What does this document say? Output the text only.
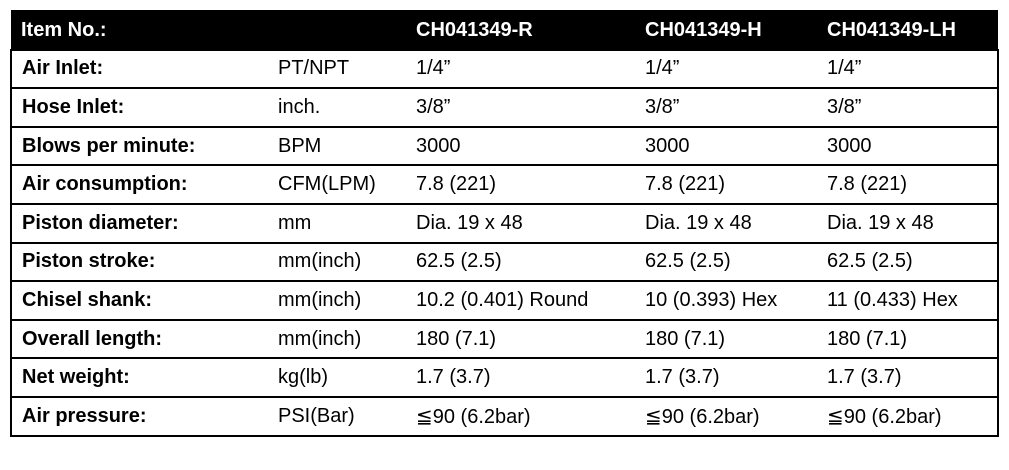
Item No.:		CH041349-R	CH041349-H	CH041349-LH
Air Inlet:	PT/NPT	1/4”	1/4”	1/4”
Hose Inlet:	inch.	3/8”	3/8”	3/8”
Blows per minute:	BPM	3000	3000	3000
Air consumption:	CFM(LPM)	7.8 (221)	7.8 (221)	7.8 (221)
Piston diameter:	mm	Dia. 19 x 48	Dia. 19 x 48	Dia. 19 x 48
Piston stroke:	mm(inch)	62.5 (2.5)	62.5 (2.5)	62.5 (2.5)
Chisel shank:	mm(inch)	10.2 (0.401) Round	10 (0.393) Hex	11 (0.433) Hex
Overall length:	mm(inch)	180 (7.1)	180 (7.1)	180 (7.1)
Net weight:	kg(lb)	1.7 (3.7)	1.7 (3.7)	1.7 (3.7)
Air pressure:	PSI(Bar)	≦90 (6.2bar)	≦90 (6.2bar)	≦90 (6.2bar)
